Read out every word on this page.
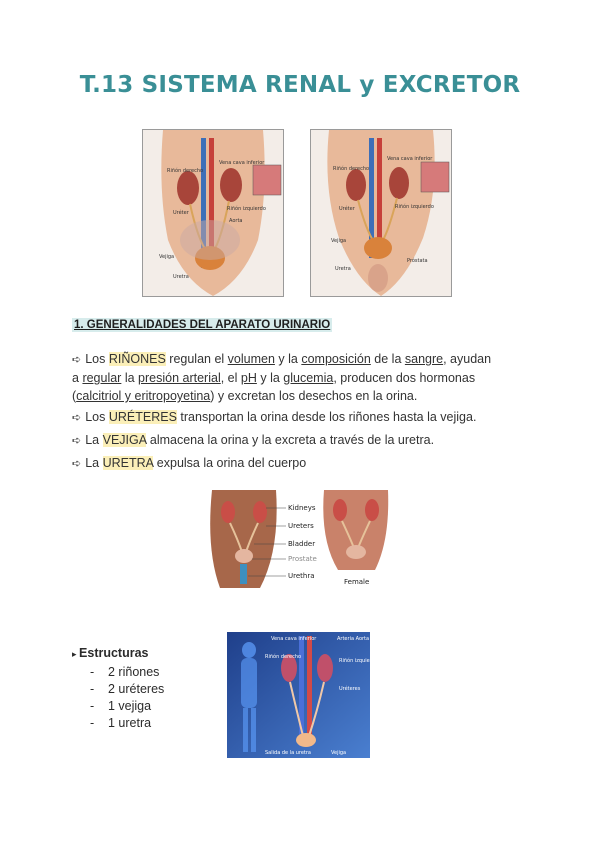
T.13 SISTEMA RENAL y EXCRETOR
Riñón derecho
Vena cava inferior
Riñón izquierdo
Uréter
Aorta
Vejiga
Uretra
Riñón derecho
Vena cava inferior
Riñón izquierdo
Uréter
Vejiga
Próstata
Uretra
1. GENERALIDADES DEL APARATO URINARIO
➪ Los RIÑONES regulan el volumen y la composición de la sangre, ayudan
a regular la presión arterial, el pH y la glucemia, producen dos hormonas
(calcitriol y eritropoyetina) y excretan los desechos en la orina.
➪ Los URÉTERES transportan la orina desde los riñones hasta la vejiga.
➪ La VEJIGA almacena la orina y la excreta a través de la uretra.
➪ La URETRA expulsa la orina del cuerpo
Kidneys
Ureters
Bladder
Prostate
Urethra
Female
▸ Estructuras
- 2 riñones
- 2 uréteres
- 1 vejiga
- 1 uretra
Vena cava inferior	Arteria Aorta
Riñón derecho
Riñón izquierdo
Uréteres
Salida de la uretra	Vejiga
